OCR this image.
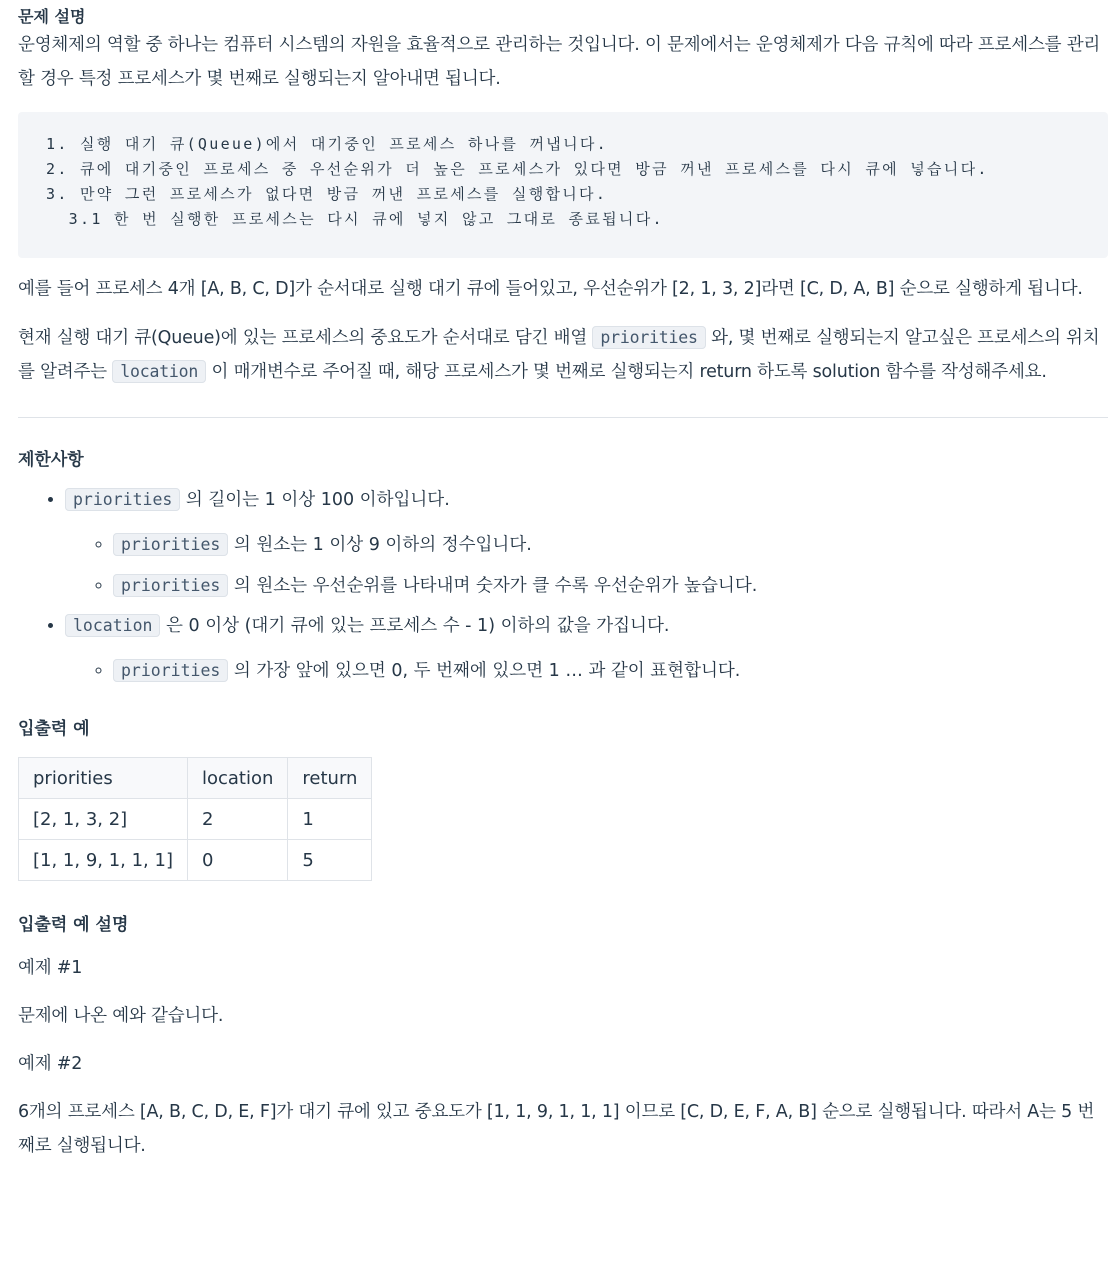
문제 설명

운영체제의 역할 중 하나는 컴퓨터 시스템의 자원을 효율적으로 관리하는 것입니다. 이 문제에서는 운영체제가 다음 규칙에 따라 프로세스를 관리할 경우 특정 프로세스가 몇 번째로 실행되는지 알아내면 됩니다.

1. 실행 대기 큐(Queue)에서 대기중인 프로세스 하나를 꺼냅니다.
2. 큐에 대기중인 프로세스 중 우선순위가 더 높은 프로세스가 있다면 방금 꺼낸 프로세스를 다시 큐에 넣습니다.
3. 만약 그런 프로세스가 없다면 방금 꺼낸 프로세스를 실행합니다.
3.1 한 번 실행한 프로세스는 다시 큐에 넣지 않고 그대로 종료됩니다.

예를 들어 프로세스 4개 [A, B, C, D]가 순서대로 실행 대기 큐에 들어있고, 우선순위가 [2, 1, 3, 2]라면 [C, D, A, B] 순으로 실행하게 됩니다.

현재 실행 대기 큐(Queue)에 있는 프로세스의 중요도가 순서대로 담긴 배열 priorities 와, 몇 번째로 실행되는지 알고싶은 프로세스의 위치를 알려주는 location 이 매개변수로 주어질 때, 해당 프로세스가 몇 번째로 실행되는지 return 하도록 solution 함수를 작성해주세요.

제한사항
• priorities 의 길이는 1 이상 100 이하입니다.
◦ priorities 의 원소는 1 이상 9 이하의 정수입니다.
◦ priorities 의 원소는 우선순위를 나타내며 숫자가 클 수록 우선순위가 높습니다.
• location 은 0 이상 (대기 큐에 있는 프로세스 수 - 1) 이하의 값을 가집니다.
◦ priorities 의 가장 앞에 있으면 0, 두 번째에 있으면 1 … 과 같이 표현합니다.
입출력 예
priorities	location	return
[2, 1, 3, 2]	2	1
[1, 1, 9, 1, 1, 1]	0	5
입출력 예 설명

예제 #1

문제에 나온 예와 같습니다.

예제 #2

6개의 프로세스 [A, B, C, D, E, F]가 대기 큐에 있고 중요도가 [1, 1, 9, 1, 1, 1] 이므로 [C, D, E, F, A, B] 순으로 실행됩니다. 따라서 A는 5 번째로 실행됩니다.
